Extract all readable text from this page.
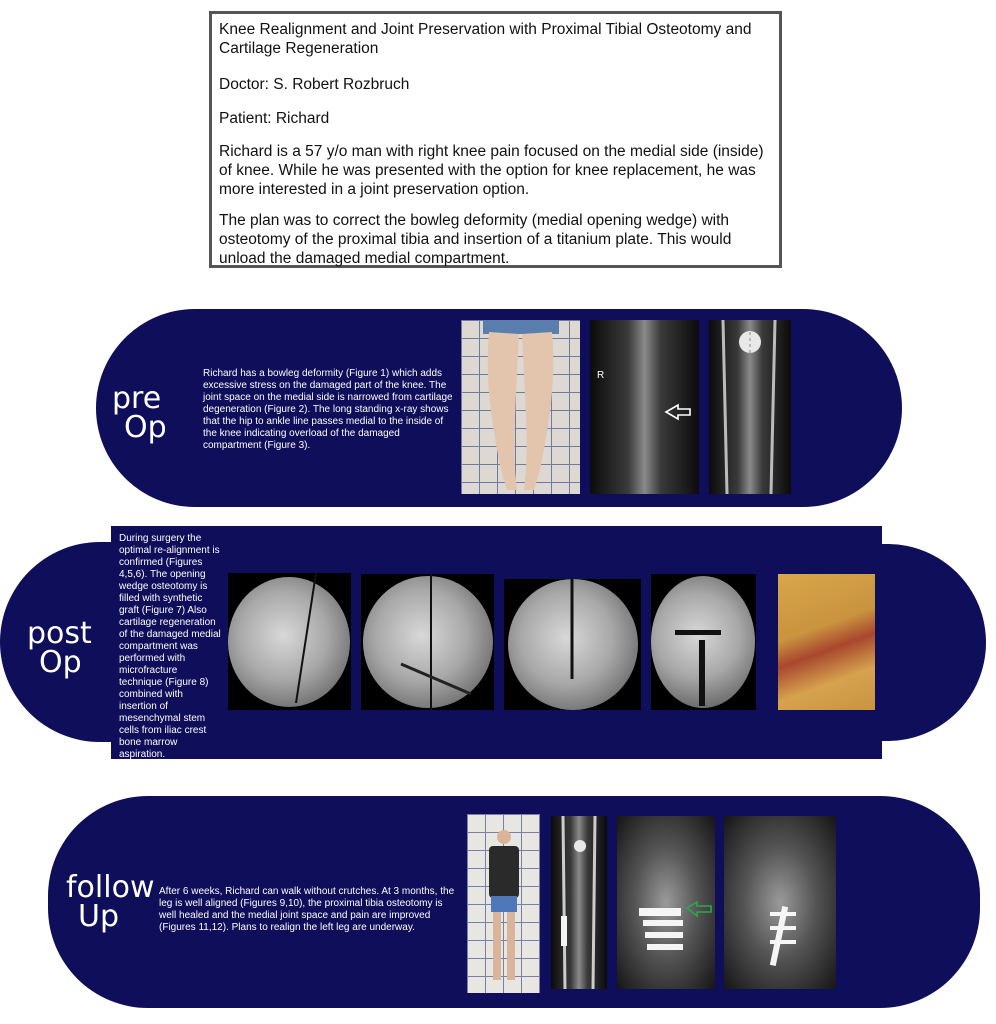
Knee Realignment and Joint Preservation with Proximal Tibial Osteotomy and Cartilage Regeneration

Doctor: S. Robert Rozbruch

Patient: Richard

Richard is a 57 y/o man with right knee pain focused on the medial side (inside) of knee. While he was presented with the option for knee replacement, he was more interested in a joint preservation option.

The plan was to correct the bowleg deformity (medial opening wedge) with osteotomy of the proximal tibia and insertion of a titanium plate. This would unload the damaged medial compartment.

pre
Op

Richard has a bowleg deformity (Figure 1) which adds excessive stress on the damaged part of the knee. The joint space on the medial side is narrowed from cartilage degeneration (Figure 2). The long standing x-ray shows that the hip to ankle line passes medial to the inside of the knee indicating overload of the damaged compartment (Figure 3).

R
post
Op

During surgery the optimal re-alignment is confirmed (Figures 4,5,6). The opening wedge osteotomy is filled with synthetic graft (Figure 7) Also cartilage regeneration of the damaged medial compartment was performed with microfracture technique (Figure 8) combined with insertion of mesenchymal stem cells from iliac crest bone marrow aspiration.

follow
Up

After 6 weeks, Richard can walk without crutches. At 3 months, the leg is well aligned (Figures 9,10), the proximal tibia osteotomy is well healed and the medial joint space and pain are improved (Figures 11,12). Plans to realign the left leg are underway.
